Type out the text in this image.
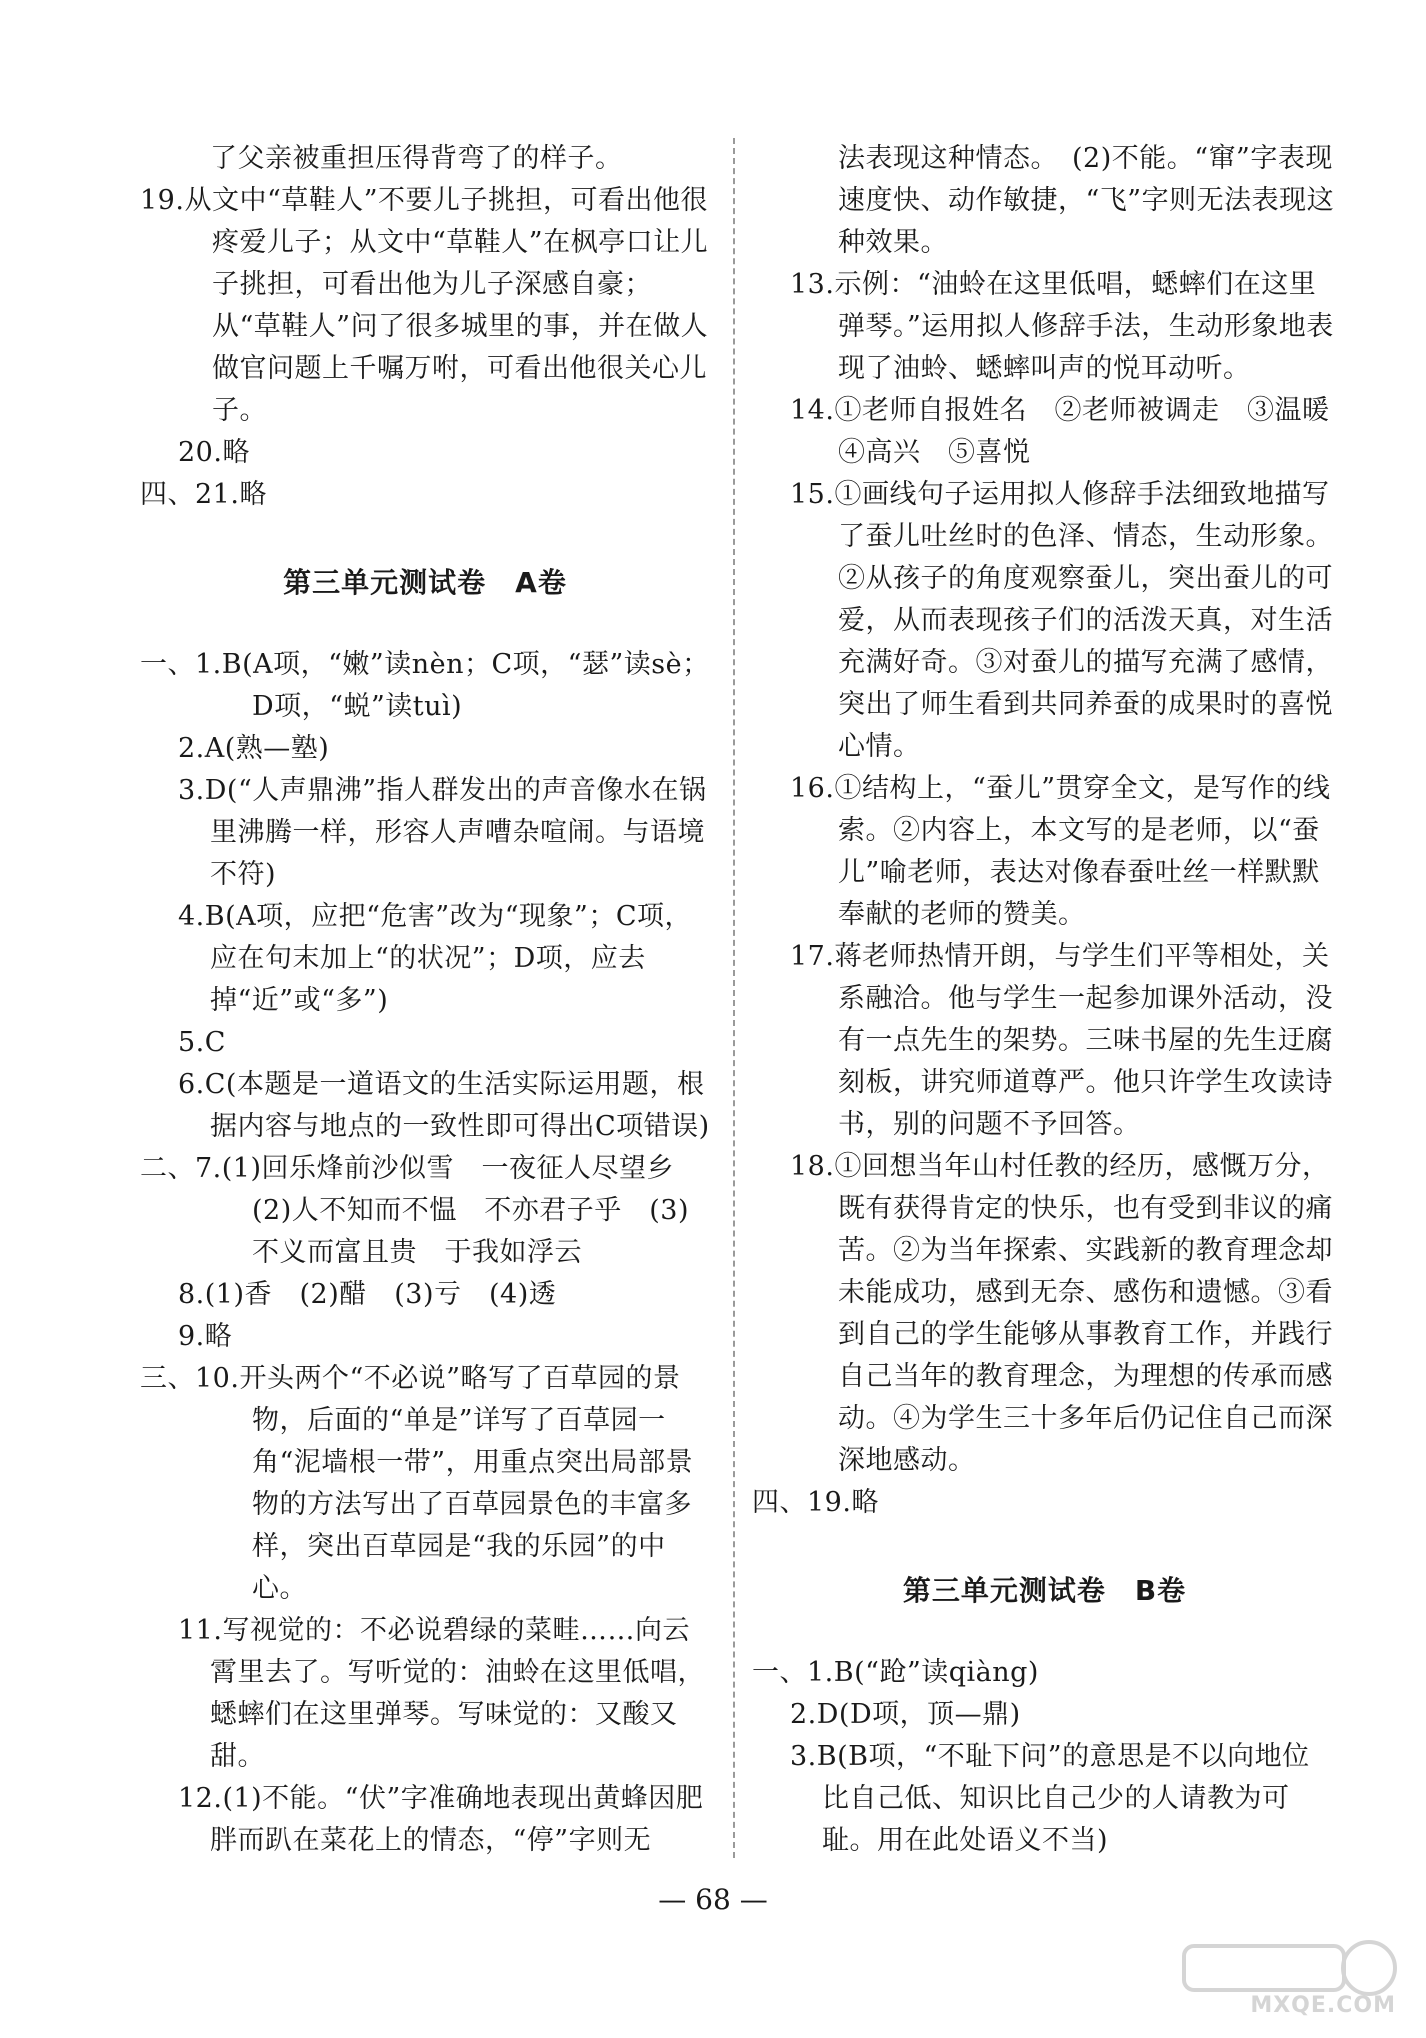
了父亲被重担压得背弯了的样子。
19.从文中“草鞋人”不要儿子挑担，可看出他很疼爱儿子；从文中“草鞋人”在枫亭口让儿子挑担，可看出他为儿子深感自豪；从“草鞋人”问了很多城里的事，并在做人做官问题上千嘱万咐，可看出他很关心儿子。
20.略
四、21.略
第三单元测试卷　A卷
一、1.B(A项，“嫩”读nèn；C项，“瑟”读sè；D项，“蜕”读tuì)
2.A(熟—塾)
3.D(“人声鼎沸”指人群发出的声音像水在锅里沸腾一样，形容人声嘈杂喧闹。与语境不符)
4.B(A项，应把“危害”改为“现象”；C项，应在句末加上“的状况”；D项，应去掉“近”或“多”)
5.C
6.C(本题是一道语文的生活实际运用题，根据内容与地点的一致性即可得出C项错误)
二、7.(1)回乐烽前沙似雪　一夜征人尽望乡　(2)人不知而不愠　不亦君子乎　(3)不义而富且贵　于我如浮云
8.(1)香　(2)醋　(3)亏　(4)透
9.略
三、10.开头两个“不必说”略写了百草园的景物，后面的“单是”详写了百草园一角“泥墙根一带”，用重点突出局部景物的方法写出了百草园景色的丰富多样，突出百草园是“我的乐园”的中心。
11.写视觉的：不必说碧绿的菜畦……向云霄里去了。写听觉的：油蛉在这里低唱，蟋蟀们在这里弹琴。写味觉的：又酸又甜。
12.(1)不能。“伏”字准确地表现出黄蜂因肥胖而趴在菜花上的情态，“停”字则无
法表现这种情态。　(2)不能。“窜”字表现速度快、动作敏捷，“飞”字则无法表现这种效果。
13.示例：“油蛉在这里低唱，蟋蟀们在这里弹琴。”运用拟人修辞手法，生动形象地表现了油蛉、蟋蟀叫声的悦耳动听。
14.①老师自报姓名　②老师被调走　③温暖　④高兴　⑤喜悦
15.①画线句子运用拟人修辞手法细致地描写了蚕儿吐丝时的色泽、情态，生动形象。②从孩子的角度观察蚕儿，突出蚕儿的可爱，从而表现孩子们的活泼天真，对生活充满好奇。③对蚕儿的描写充满了感情，突出了师生看到共同养蚕的成果时的喜悦心情。
16.①结构上，“蚕儿”贯穿全文，是写作的线索。②内容上，本文写的是老师，以“蚕儿”喻老师，表达对像春蚕吐丝一样默默奉献的老师的赞美。
17.蒋老师热情开朗，与学生们平等相处，关系融洽。他与学生一起参加课外活动，没有一点先生的架势。三味书屋的先生迂腐刻板，讲究师道尊严。他只许学生攻读诗书，别的问题不予回答。
18.①回想当年山村任教的经历，感慨万分，既有获得肯定的快乐，也有受到非议的痛苦。②为当年探索、实践新的教育理念却未能成功，感到无奈、感伤和遗憾。③看到自己的学生能够从事教育工作，并践行自己当年的教育理念，为理想的传承而感动。④为学生三十多年后仍记住自己而深深地感动。
四、19.略
第三单元测试卷　B卷
一、1.B(“跄”读qiàng)
2.D(D项，顶—鼎)
3.B(B项，“不耻下问”的意思是不以向地位比自己低、知识比自己少的人请教为可耻。用在此处语义不当)
— 68 —
MXQE.COM
